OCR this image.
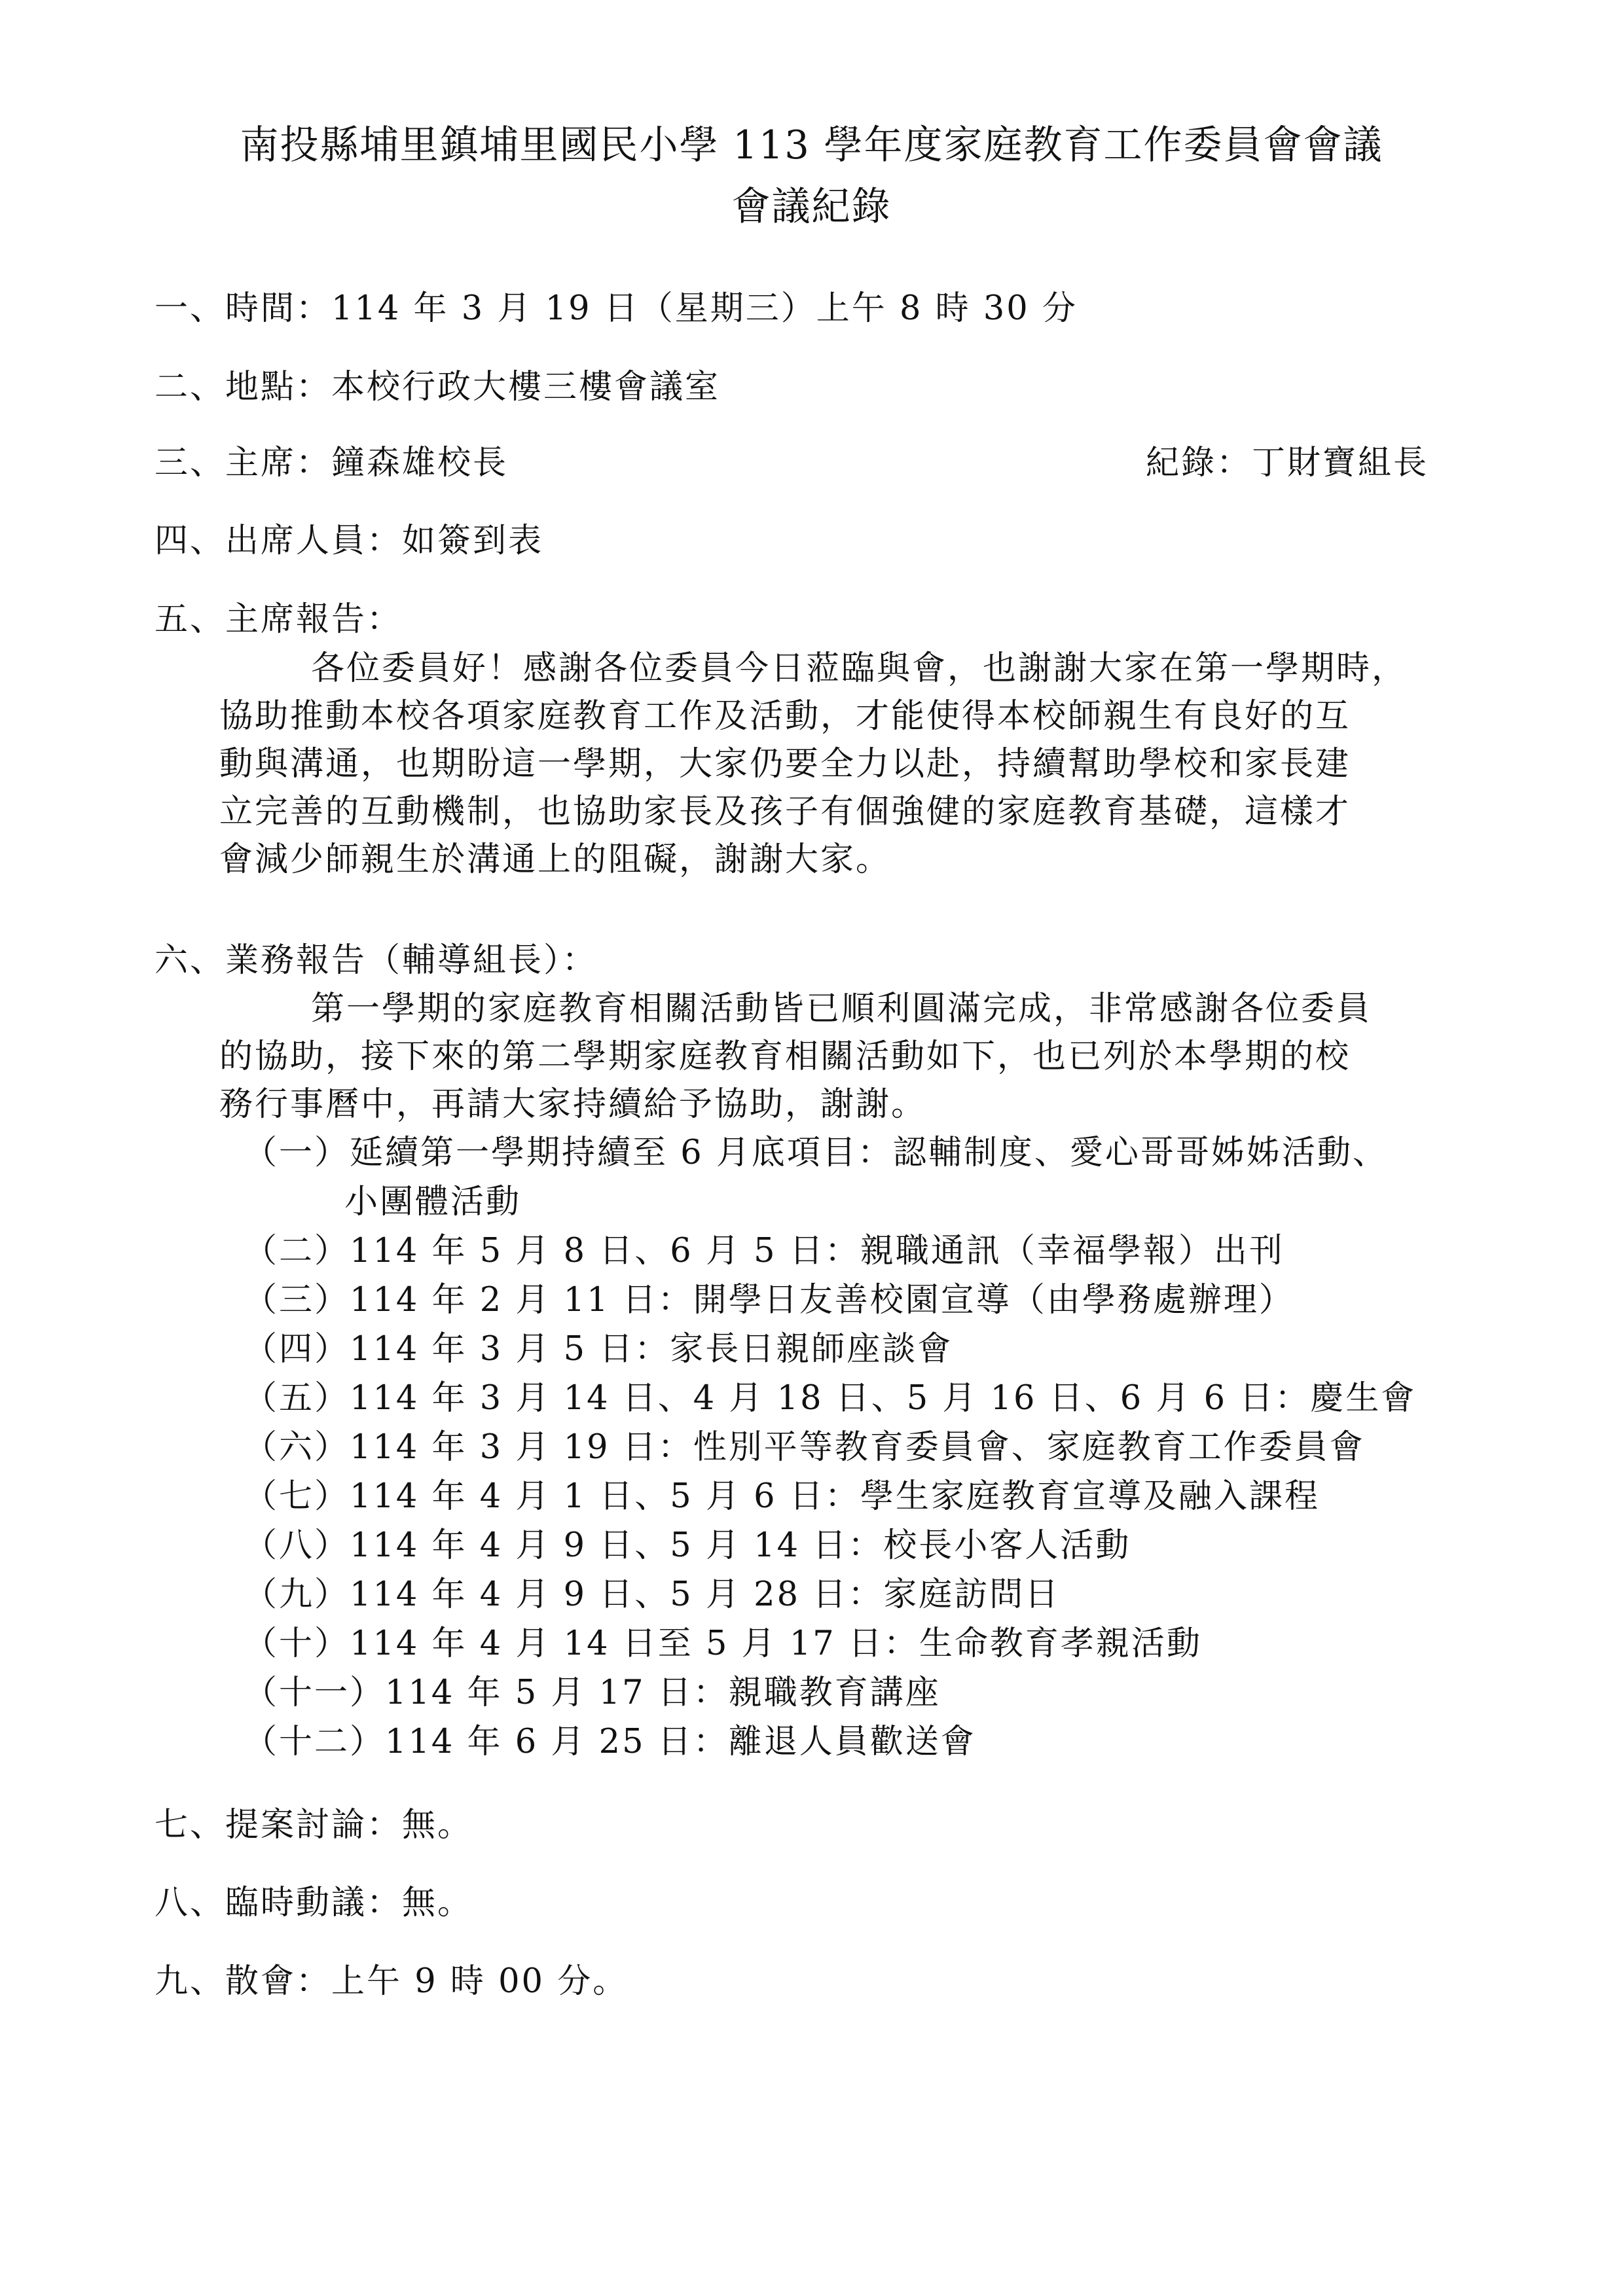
南投縣埔里鎮埔里國民小學 113 學年度家庭教育工作委員會會議
會議紀錄
一、時間：114 年 3 月 19 日（星期三）上午 8 時 30 分
二、地點：本校行政大樓三樓會議室
三、主席：鐘森雄校長	紀錄：丁財寶組長
四、出席人員：如簽到表
五、主席報告：
各位委員好！感謝各位委員今日蒞臨與會，也謝謝大家在第一學期時，
協助推動本校各項家庭教育工作及活動，才能使得本校師親生有良好的互
動與溝通，也期盼這一學期，大家仍要全力以赴，持續幫助學校和家長建
立完善的互動機制，也協助家長及孩子有個強健的家庭教育基礎，這樣才
會減少師親生於溝通上的阻礙，謝謝大家。
六、業務報告（輔導組長）：
第一學期的家庭教育相關活動皆已順利圓滿完成，非常感謝各位委員
的協助，接下來的第二學期家庭教育相關活動如下，也已列於本學期的校
務行事曆中，再請大家持續給予協助，謝謝。
（一）延續第一學期持續至 6 月底項目：認輔制度、愛心哥哥姊姊活動、
小團體活動
（二）114 年 5 月 8 日、6 月 5 日：親職通訊（幸福學報）出刊
（三）114 年 2 月 11 日：開學日友善校園宣導（由學務處辦理）
（四）114 年 3 月 5 日：家長日親師座談會
（五）114 年 3 月 14 日、4 月 18 日、5 月 16 日、6 月 6 日：慶生會
（六）114 年 3 月 19 日：性別平等教育委員會、家庭教育工作委員會
（七）114 年 4 月 1 日、5 月 6 日：學生家庭教育宣導及融入課程
（八）114 年 4 月 9 日、5 月 14 日：校長小客人活動
（九）114 年 4 月 9 日、5 月 28 日：家庭訪問日
（十）114 年 4 月 14 日至 5 月 17 日：生命教育孝親活動
（十一）114 年 5 月 17 日：親職教育講座
（十二）114 年 6 月 25 日：離退人員歡送會
七、提案討論：無。
八、臨時動議：無。
九、散會：上午 9 時 00 分。
